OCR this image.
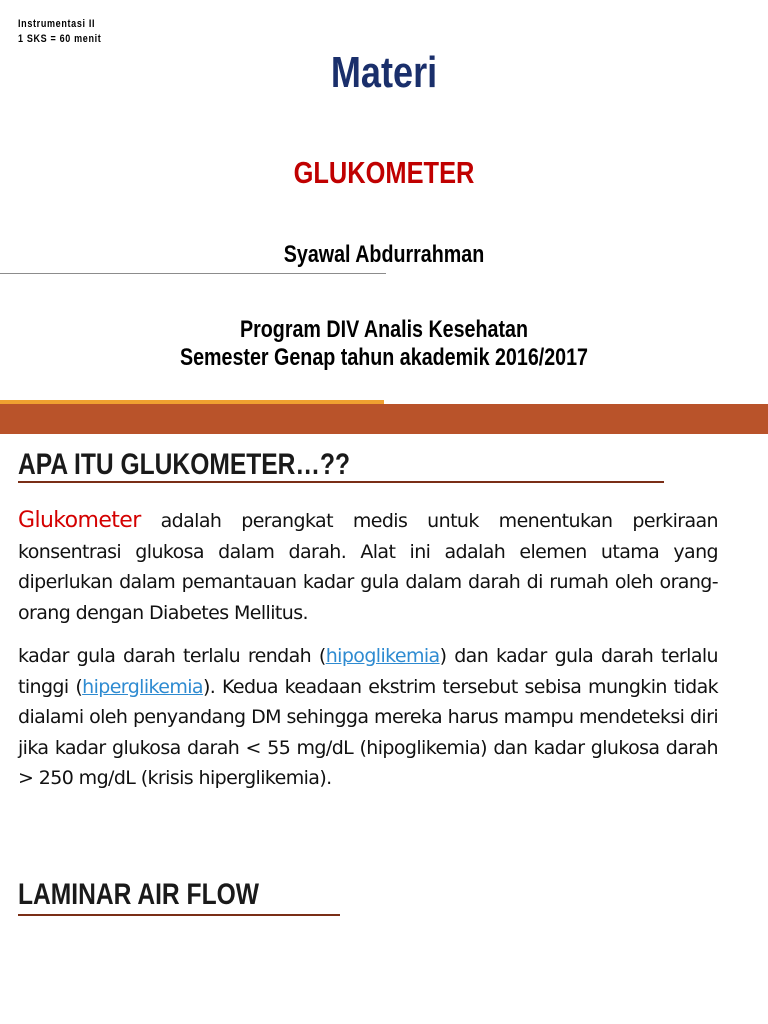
Instrumentasi II
1 SKS = 60 menit
Materi
GLUKOMETER
Syawal Abdurrahman
Program DIV Analis Kesehatan
Semester Genap tahun akademik 2016/2017
APA ITU GLUKOMETER…??
Glukometer adalah perangkat medis untuk menentukan perkiraan konsentrasi glukosa dalam darah. Alat ini adalah elemen utama yang diperlukan dalam pemantauan kadar gula dalam darah di rumah oleh orang-orang dengan Diabetes Mellitus.
kadar gula darah terlalu rendah (hipoglikemia) dan kadar gula darah terlalu tinggi (hiperglikemia). Kedua keadaan ekstrim tersebut sebisa mungkin tidak dialami oleh penyandang DM sehingga mereka harus mampu mendeteksi diri jika kadar glukosa darah < 55 mg/dL (hipoglikemia) dan kadar glukosa darah > 250 mg/dL (krisis hiperglikemia).
LAMINAR AIR FLOW
